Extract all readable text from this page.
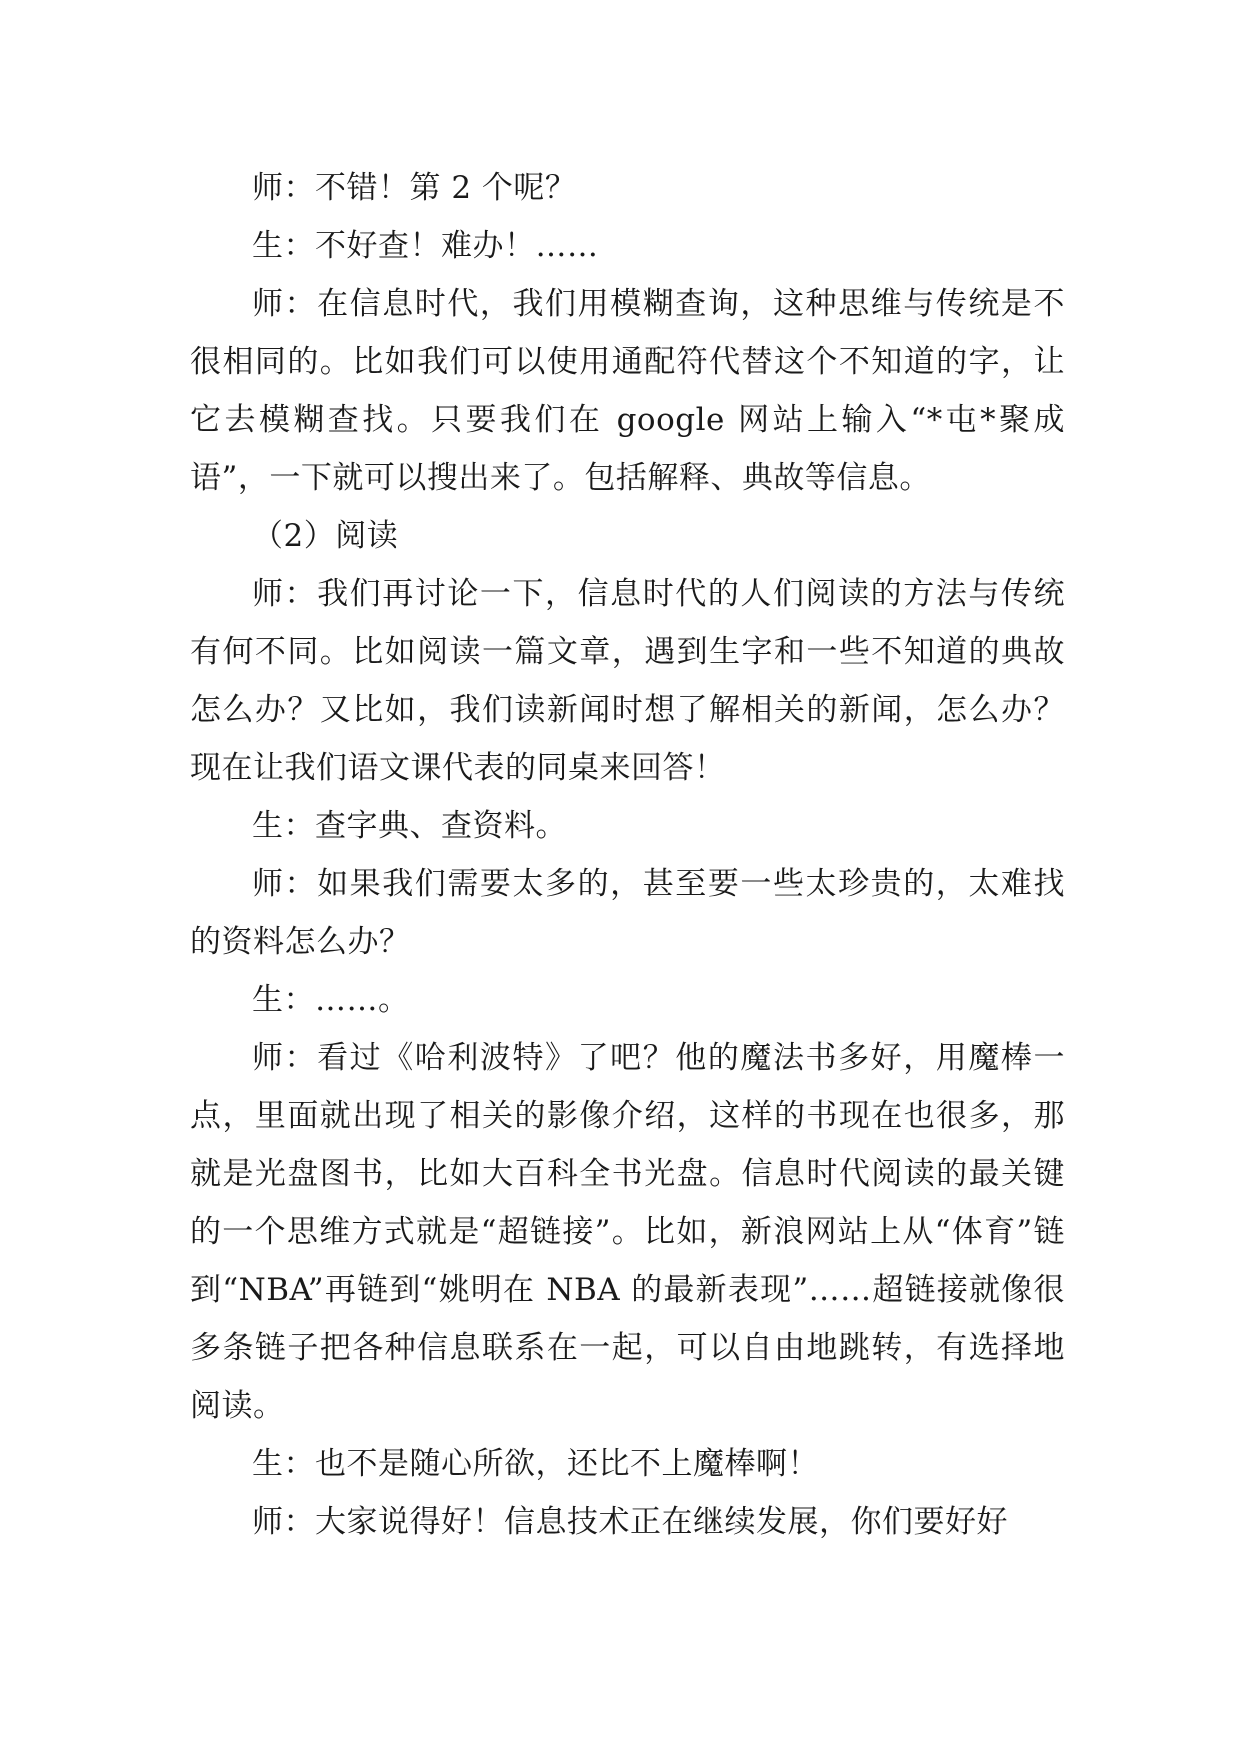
师：不错！第 2 个呢？

生：不好查！难办！……

师：在信息时代，我们用模糊查询，这种思维与传统是不很相同的。比如我们可以使用通配符代替这个不知道的字，让它去模糊查找。只要我们在 google 网站上输入“*屯*聚成语”，一下就可以搜出来了。包括解释、典故等信息。

（2）阅读

师：我们再讨论一下，信息时代的人们阅读的方法与传统有何不同。比如阅读一篇文章，遇到生字和一些不知道的典故怎么办？又比如，我们读新闻时想了解相关的新闻，怎么办？现在让我们语文课代表的同桌来回答！

生：查字典、查资料。

师：如果我们需要太多的，甚至要一些太珍贵的，太难找的资料怎么办？

生：……。

师：看过《哈利波特》了吧？他的魔法书多好，用魔棒一点，里面就出现了相关的影像介绍，这样的书现在也很多，那就是光盘图书，比如大百科全书光盘。信息时代阅读的最关键的一个思维方式就是“超链接”。比如，新浪网站上从“体育”链到“NBA”再链到“姚明在 NBA 的最新表现”……超链接就像很多条链子把各种信息联系在一起，可以自由地跳转，有选择地阅读。

生：也不是随心所欲，还比不上魔棒啊！

师：大家说得好！信息技术正在继续发展，你们要好好
